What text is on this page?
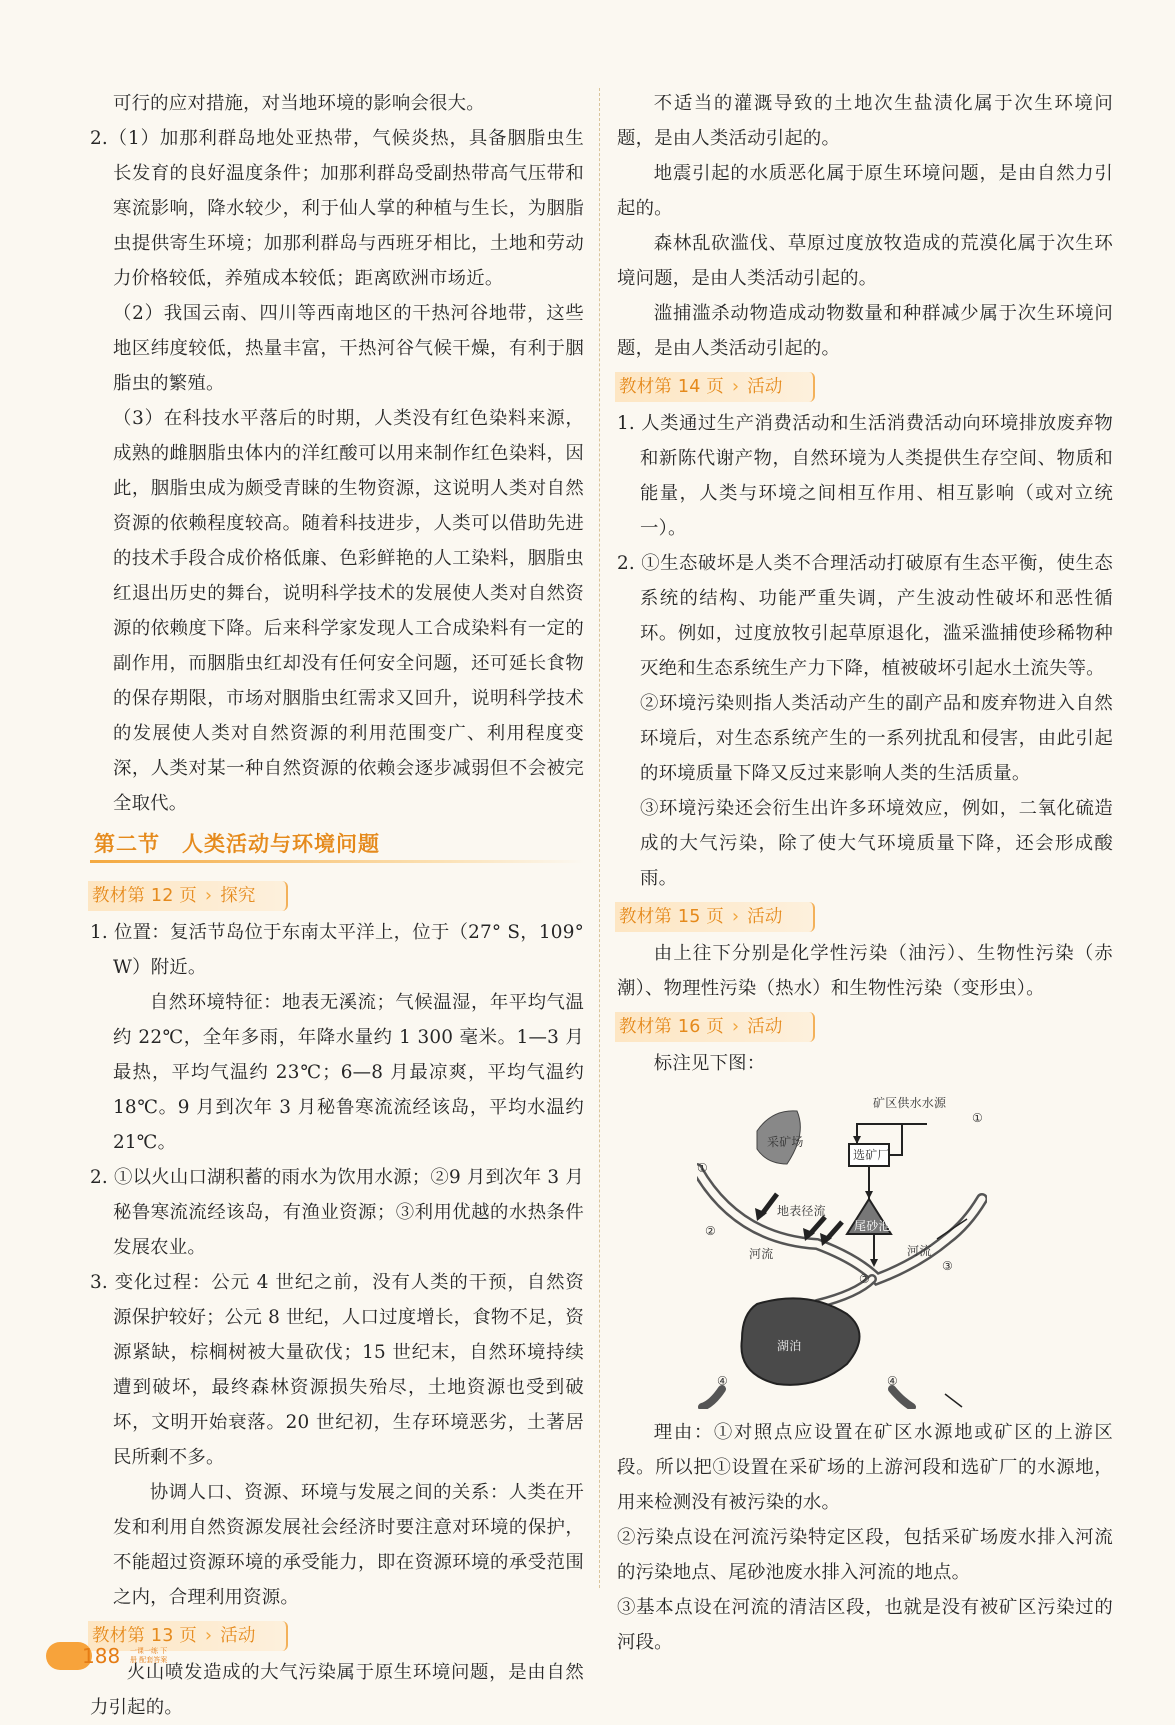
可行的应对措施，对当地环境的影响会很大。

2.（1）加那利群岛地处亚热带，气候炎热，具备胭脂虫生长发育的良好温度条件；加那利群岛受副热带高气压带和寒流影响，降水较少，利于仙人掌的种植与生长，为胭脂虫提供寄生环境；加那利群岛与西班牙相比，土地和劳动力价格较低，养殖成本较低；距离欧洲市场近。

（2）我国云南、四川等西南地区的干热河谷地带，这些地区纬度较低，热量丰富，干热河谷气候干燥，有利于胭脂虫的繁殖。

（3）在科技水平落后的时期，人类没有红色染料来源，成熟的雌胭脂虫体内的洋红酸可以用来制作红色染料，因此，胭脂虫成为颇受青睐的生物资源，这说明人类对自然资源的依赖程度较高。随着科技进步，人类可以借助先进的技术手段合成价格低廉、色彩鲜艳的人工染料，胭脂虫红退出历史的舞台，说明科学技术的发展使人类对自然资源的依赖度下降。后来科学家发现人工合成染料有一定的副作用，而胭脂虫红却没有任何安全问题，还可延长食物的保存期限，市场对胭脂虫红需求又回升，说明科学技术的发展使人类对自然资源的利用范围变广、利用程度变深，人类对某一种自然资源的依赖会逐步减弱但不会被完全取代。

第二节　人类活动与环境问题
教材第 12 页 › 探究

1. 位置：复活节岛位于东南太平洋上，位于（27° S，109° W）附近。

自然环境特征：地表无溪流；气候温湿，年平均气温约 22℃，全年多雨，年降水量约 1 300 毫米。1—3 月最热，平均气温约 23℃；6—8 月最凉爽，平均气温约 18℃。9 月到次年 3 月秘鲁寒流流经该岛，平均水温约 21℃。

2. ①以火山口湖积蓄的雨水为饮用水源；②9 月到次年 3 月秘鲁寒流流经该岛，有渔业资源；③利用优越的水热条件发展农业。

3. 变化过程：公元 4 世纪之前，没有人类的干预，自然资源保护较好；公元 8 世纪，人口过度增长，食物不足，资源紧缺，棕榈树被大量砍伐；15 世纪末，自然环境持续遭到破坏，最终森林资源损失殆尽，土地资源也受到破坏，文明开始衰落。20 世纪初，生存环境恶劣，土著居民所剩不多。

协调人口、资源、环境与发展之间的关系：人类在开发和利用自然资源发展社会经济时要注意对环境的保护，不能超过资源环境的承受能力，即在资源环境的承受范围之内，合理利用资源。

教材第 13 页 › 活动

火山喷发造成的大气污染属于原生环境问题，是由自然力引起的。

不适当的灌溉导致的土地次生盐渍化属于次生环境问题，是由人类活动引起的。

地震引起的水质恶化属于原生环境问题，是由自然力引起的。

森林乱砍滥伐、草原过度放牧造成的荒漠化属于次生环境问题，是由人类活动引起的。

滥捕滥杀动物造成动物数量和种群减少属于次生环境问题，是由人类活动引起的。

教材第 14 页 › 活动

1. 人类通过生产消费活动和生活消费活动向环境排放废弃物和新陈代谢产物，自然环境为人类提供生存空间、物质和能量，人类与环境之间相互作用、相互影响（或对立统一）。

2. ①生态破坏是人类不合理活动打破原有生态平衡，使生态系统的结构、功能严重失调，产生波动性破坏和恶性循环。例如，过度放牧引起草原退化，滥采滥捕使珍稀物种灭绝和生态系统生产力下降，植被破坏引起水土流失等。

②环境污染则指人类活动产生的副产品和废弃物进入自然环境后，对生态系统产生的一系列扰乱和侵害，由此引起的环境质量下降又反过来影响人类的生活质量。

③环境污染还会衍生出许多环境效应，例如，二氧化硫造成的大气污染，除了使大气环境质量下降，还会形成酸雨。

教材第 15 页 › 活动

由上往下分别是化学性污染（油污）、生物性污染（赤潮）、物理性污染（热水）和生物性污染（变形虫）。

教材第 16 页 › 活动

标注见下图：

矿区供水水源
①
采矿场
选矿厂
尾砂池
①
地表径流
②
河流	河流
③
②
湖泊
④	④

理由：①对照点应设置在矿区水源地或矿区的上游区段。所以把①设置在采矿场的上游河段和选矿厂的水源地，用来检测没有被污染的水。

②污染点设在河流污染特定区段，包括采矿场废水排入河流的污染地点、尾砂池废水排入河流的地点。

③基本点设在河流的清洁区段，也就是没有被矿区污染过的河段。

188 一课一练 下册 配套答案
